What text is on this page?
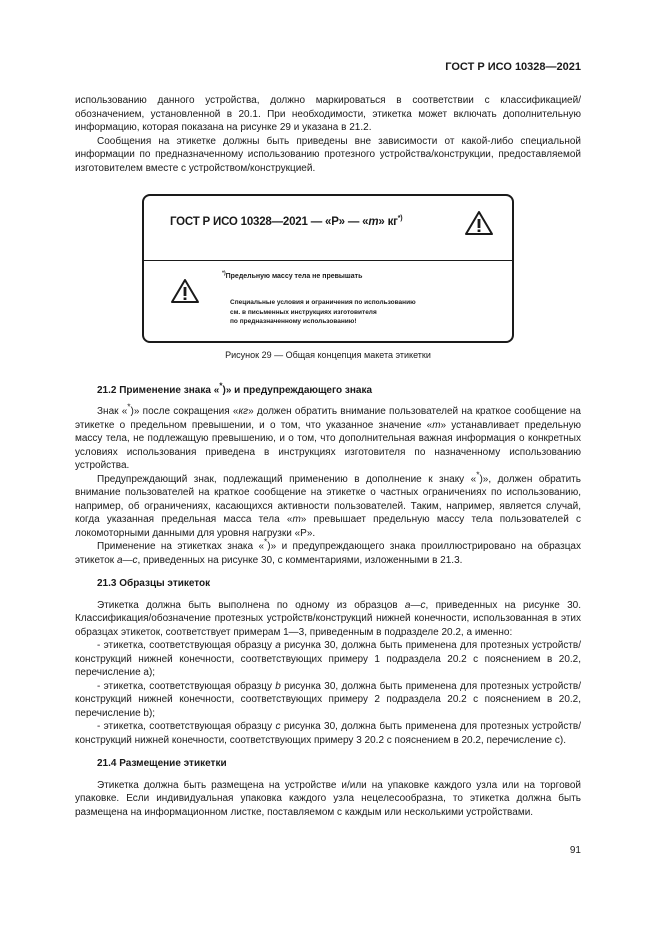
ГОСТ Р ИСО 10328—2021

использованию данного устройства, должно маркироваться в соответствии с классификацией/обозначением, установленной в 20.1. При необходимости, этикетка может включать дополнительную информацию, которая показана на рисунке 29 и указана в 21.2.

Сообщения на этикетке должны быть приведены вне зависимости от какой-либо специальной информации по предназначенному использованию протезного устройства/конструкции, предоставляемой изготовителем вместе с устройством/конструкцией.

ГОСТ Р ИСО 10328—2021 — «P» — «m» кг*)
*)Предельную массу тела не превышать
Специальные условия и ограничения по использованию
см. в письменных инструкциях изготовителя
по предназначенному использованию!
Рисунок 29 — Общая концепция макета этикетки
21.2 Применение знака «*)» и предупреждающего знака

Знак «*)» после сокращения «кг» должен обратить внимание пользователей на краткое сообщение на этикетке о предельном превышении, и о том, что указанное значение «m» устанавливает предельную массу тела, не подлежащую превышению, и о том, что дополнительная важная информация о конкретных условиях использования приведена в инструкциях изготовителя по назначенному использованию устройства.

Предупреждающий знак, подлежащий применению в дополнение к знаку «*)», должен обратить внимание пользователей на краткое сообщение на этикетке о частных ограничениях по использованию, например, об ограничениях, касающихся активности пользователей. Таким, например, является случай, когда указанная предельная масса тела «m» превышает предельную массу тела пользователей с локомоторными данными для уровня нагрузки «P».

Применение на этикетках знака «*)» и предупреждающего знака проиллюстрировано на образцах этикеток a—c, приведенных на рисунке 30, с комментариями, изложенными в 21.3.

21.3 Образцы этикеток

Этикетка должна быть выполнена по одному из образцов a—c, приведенных на рисунке 30. Классификация/обозначение протезных устройств/конструкций нижней конечности, использованная в этих образцах этикеток, соответствует примерам 1—3, приведенным в подразделе 20.2, а именно:

- этикетка, соответствующая образцу a рисунка 30, должна быть применена для протезных устройств/конструкций нижней конечности, соответствующих примеру 1 подраздела 20.2 с пояснением в 20.2, перечисление a);

- этикетка, соответствующая образцу b рисунка 30, должна быть применена для протезных устройств/конструкций нижней конечности, соответствующих примеру 2 подраздела 20.2 с пояснением в 20.2, перечисление b);

- этикетка, соответствующая образцу c рисунка 30, должна быть применена для протезных устройств/конструкций нижней конечности, соответствующих примеру 3 20.2 с пояснением в 20.2, перечисление c).

21.4 Размещение этикетки

Этикетка должна быть размещена на устройстве и/или на упаковке каждого узла или на торговой упаковке. Если индивидуальная упаковка каждого узла нецелесообразна, то этикетка должна быть размещена на информационном листке, поставляемом с каждым или несколькими устройствами.

91
